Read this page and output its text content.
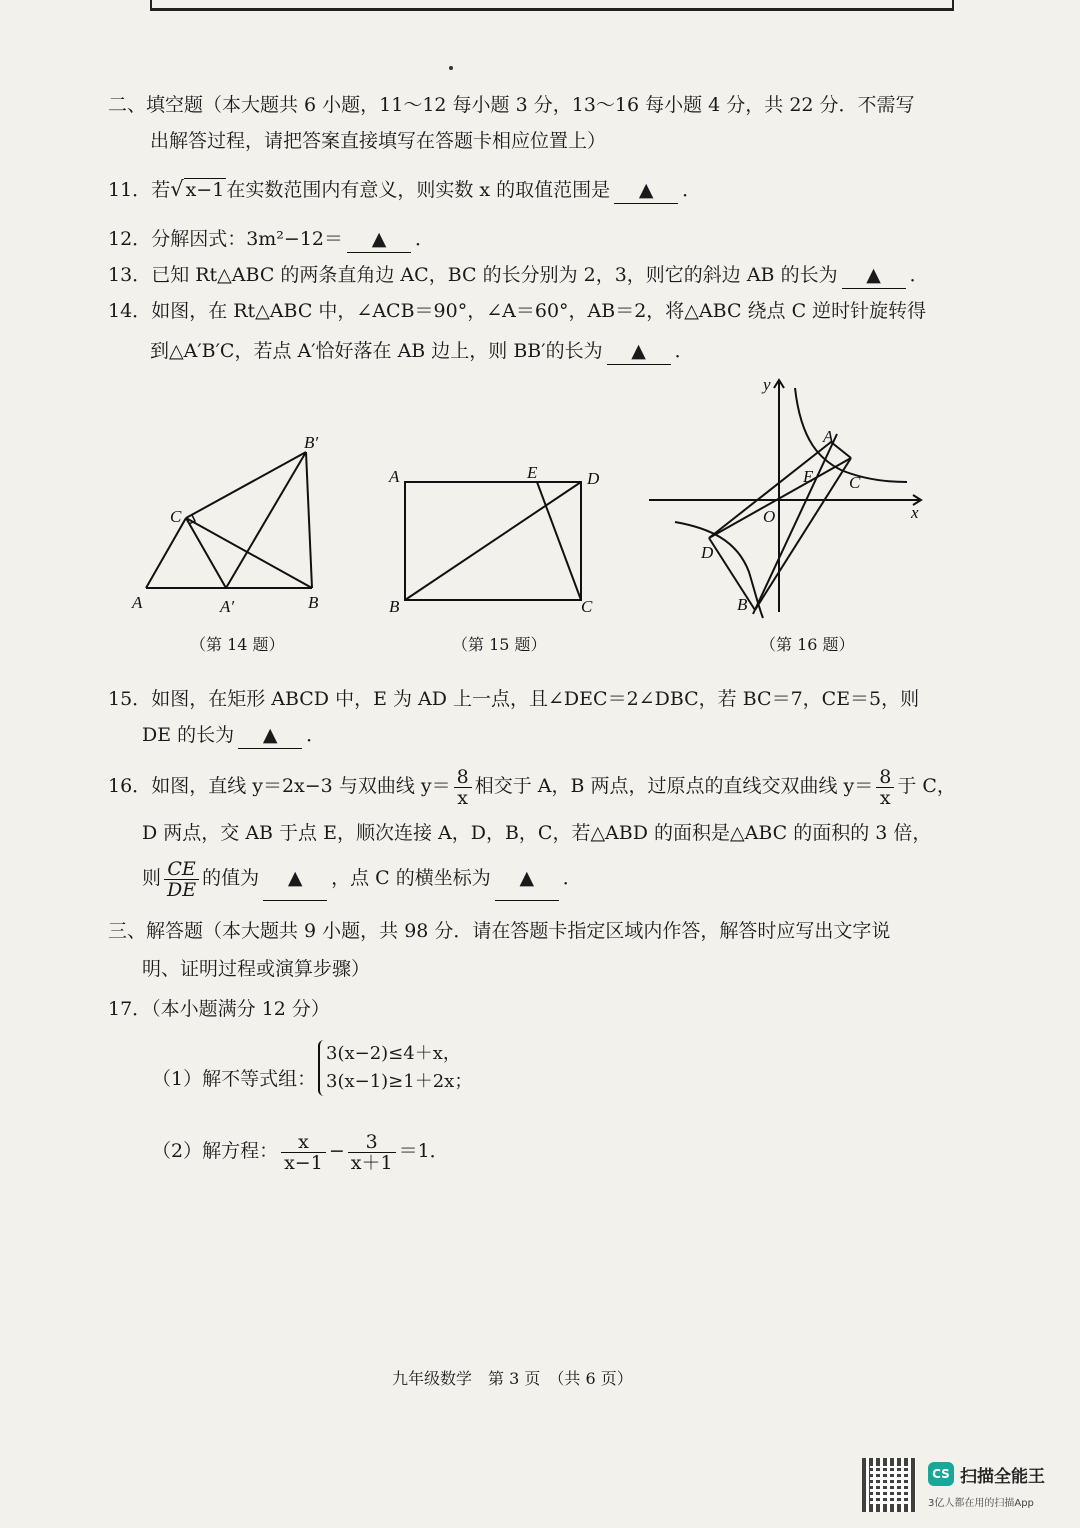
二、填空题（本大题共 6 小题，11～12 每小题 3 分，13～16 每小题 4 分，共 22 分．不需写
出解答过程，请把答案直接填写在答题卡相应位置上）
11．若√ x−1 在实数范围内有意义，则实数 x 的取值范围是 ▲ ．
12．分解因式：3m²−12＝ ▲ ．
13．已知 Rt△ABC 的两条直角边 AC，BC 的长分别为 2，3，则它的斜边 AB 的长为 ▲ ．
14．如图，在 Rt△ABC 中，∠ACB＝90°，∠A＝60°，AB＝2，将△ABC 绕点 C 逆时针旋转得
到△A′B′C，若点 A′恰好落在 AB 边上，则 BB′的长为 ▲ ．
A	A′	B
B′
C
（第 14 题）
A
B	C
D
E
（第 15 题）
A
B
C
D
E
O	x
y
（第 16 题）
15．如图，在矩形 ABCD 中，E 为 AD 上一点，且∠DEC＝2∠DBC，若 BC＝7，CE＝5，则
DE 的长为 ▲ ．
16．如图，直线 y＝2x−3 与双曲线 $y= \frac{8}{x}$ 相交于 A，B 两点，过原点的直线交双曲线 $y= \frac{8}{x}$ 于 C，
D 两点，交 AB 于点 E，顺次连接 A，D，B，C，若△ABD 的面积是△ABC 的面积的 3 倍，
则 $\frac{CE}{DE}$ 的值为 ▲ ，点 C 的横坐标为 ▲ ．
三、解答题（本大题共 9 小题，共 98 分．请在答题卡指定区域内作答，解答时应写出文字说
明、证明过程或演算步骤）
17．（本小题满分 12 分）
（1）解不等式组：
3(x−2)≤4＋x，
3(x−1)≥1＋2x；
（2）解方程： $\frac{x}{x-1} - \frac{3}{x+1} =1$．
九年级数学　第 3 页　（共 6 页）
CS 扫描全能王
3亿人都在用的扫描App
